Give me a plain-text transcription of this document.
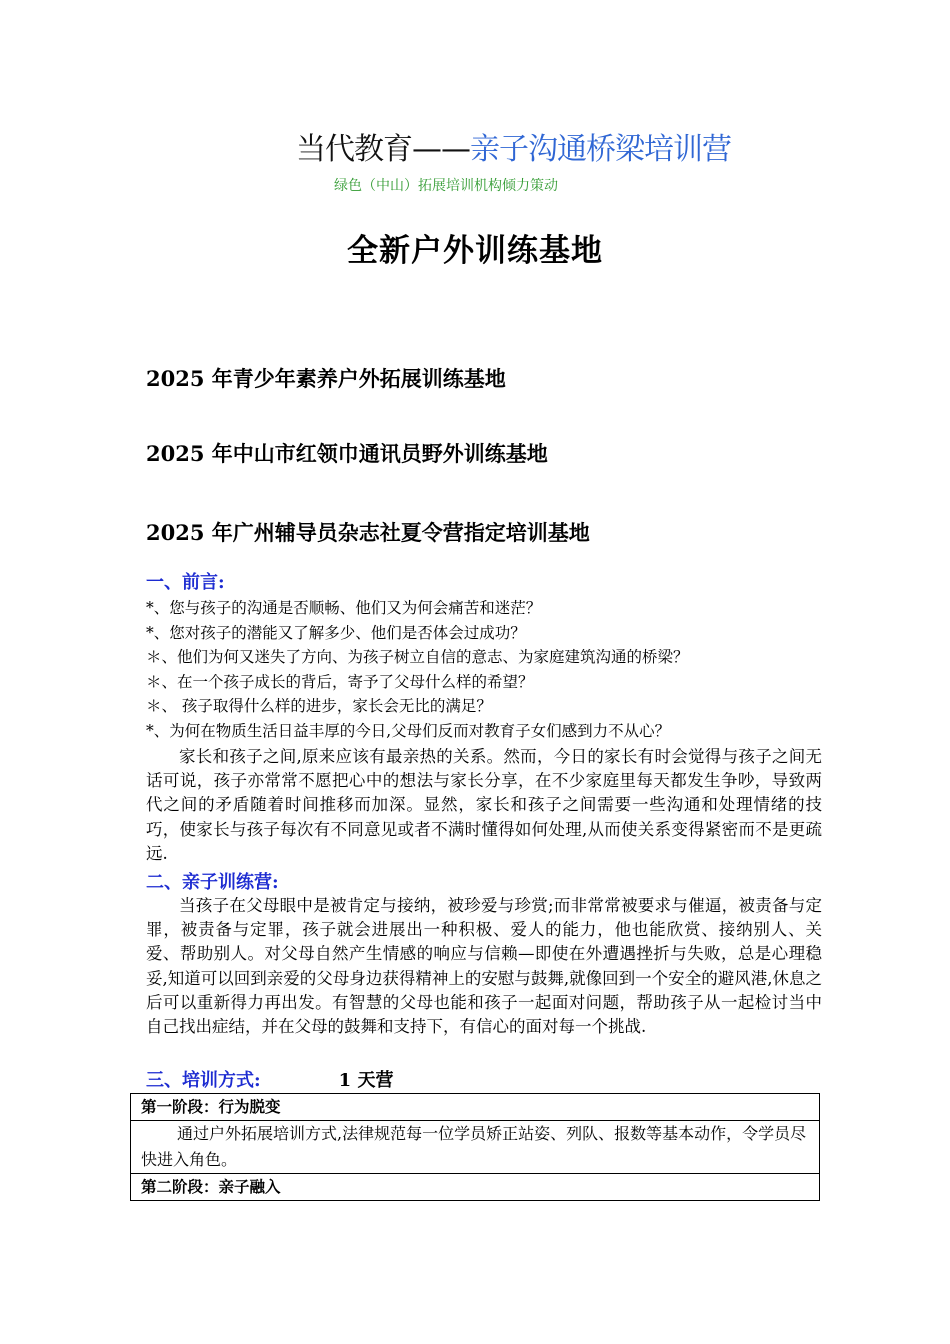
当代教育——亲子沟通桥梁培训营
绿色（中山）拓展培训机构倾力策动
全新户外训练基地
2025 年青少年素养户外拓展训练基地
2025 年中山市红领巾通讯员野外训练基地
2025 年广州辅导员杂志社夏令营指定培训基地
一、前言:
*、您与孩子的沟通是否顺畅、他们又为何会痛苦和迷茫？
*、您对孩子的潜能又了解多少、他们是否体会过成功？
＊、他们为何又迷失了方向、为孩子树立自信的意志、为家庭建筑沟通的桥梁？
＊、在一个孩子成长的背后，寄予了父母什么样的希望？
＊、 孩子取得什么样的进步，家长会无比的满足？
*、为何在物质生活日益丰厚的今日,父母们反而对教育子女们感到力不从心？
家长和孩子之间,原来应该有最亲热的关系。然而，今日的家长有时会觉得与孩子之间无话可说，孩子亦常常不愿把心中的想法与家长分享，在不少家庭里每天都发生争吵，导致两代之间的矛盾随着时间推移而加深。显然，家长和孩子之间需要一些沟通和处理情绪的技巧，使家长与孩子每次有不同意见或者不满时懂得如何处理,从而使关系变得紧密而不是更疏远.
二、亲子训练营:
当孩子在父母眼中是被肯定与接纳，被珍爱与珍赏;而非常常被要求与催逼，被责备与定罪，被责备与定罪，孩子就会进展出一种积极、爱人的能力，他也能欣赏、接纳别人、关爱、帮助别人。对父母自然产生情感的响应与信赖—即使在外遭遇挫折与失败，总是心理稳妥,知道可以回到亲爱的父母身边获得精神上的安慰与鼓舞,就像回到一个安全的避风港,休息之后可以重新得力再出发。有智慧的父母也能和孩子一起面对问题，帮助孩子从一起检讨当中自己找出症结，并在父母的鼓舞和支持下，有信心的面对每一个挑战.
三、培训方式:	1 天营
第一阶段：行为脱变
通过户外拓展培训方式,法律规范每一位学员矫正站姿、列队、报数等基本动作，令学员尽快进入角色。
第二阶段：亲子融入
